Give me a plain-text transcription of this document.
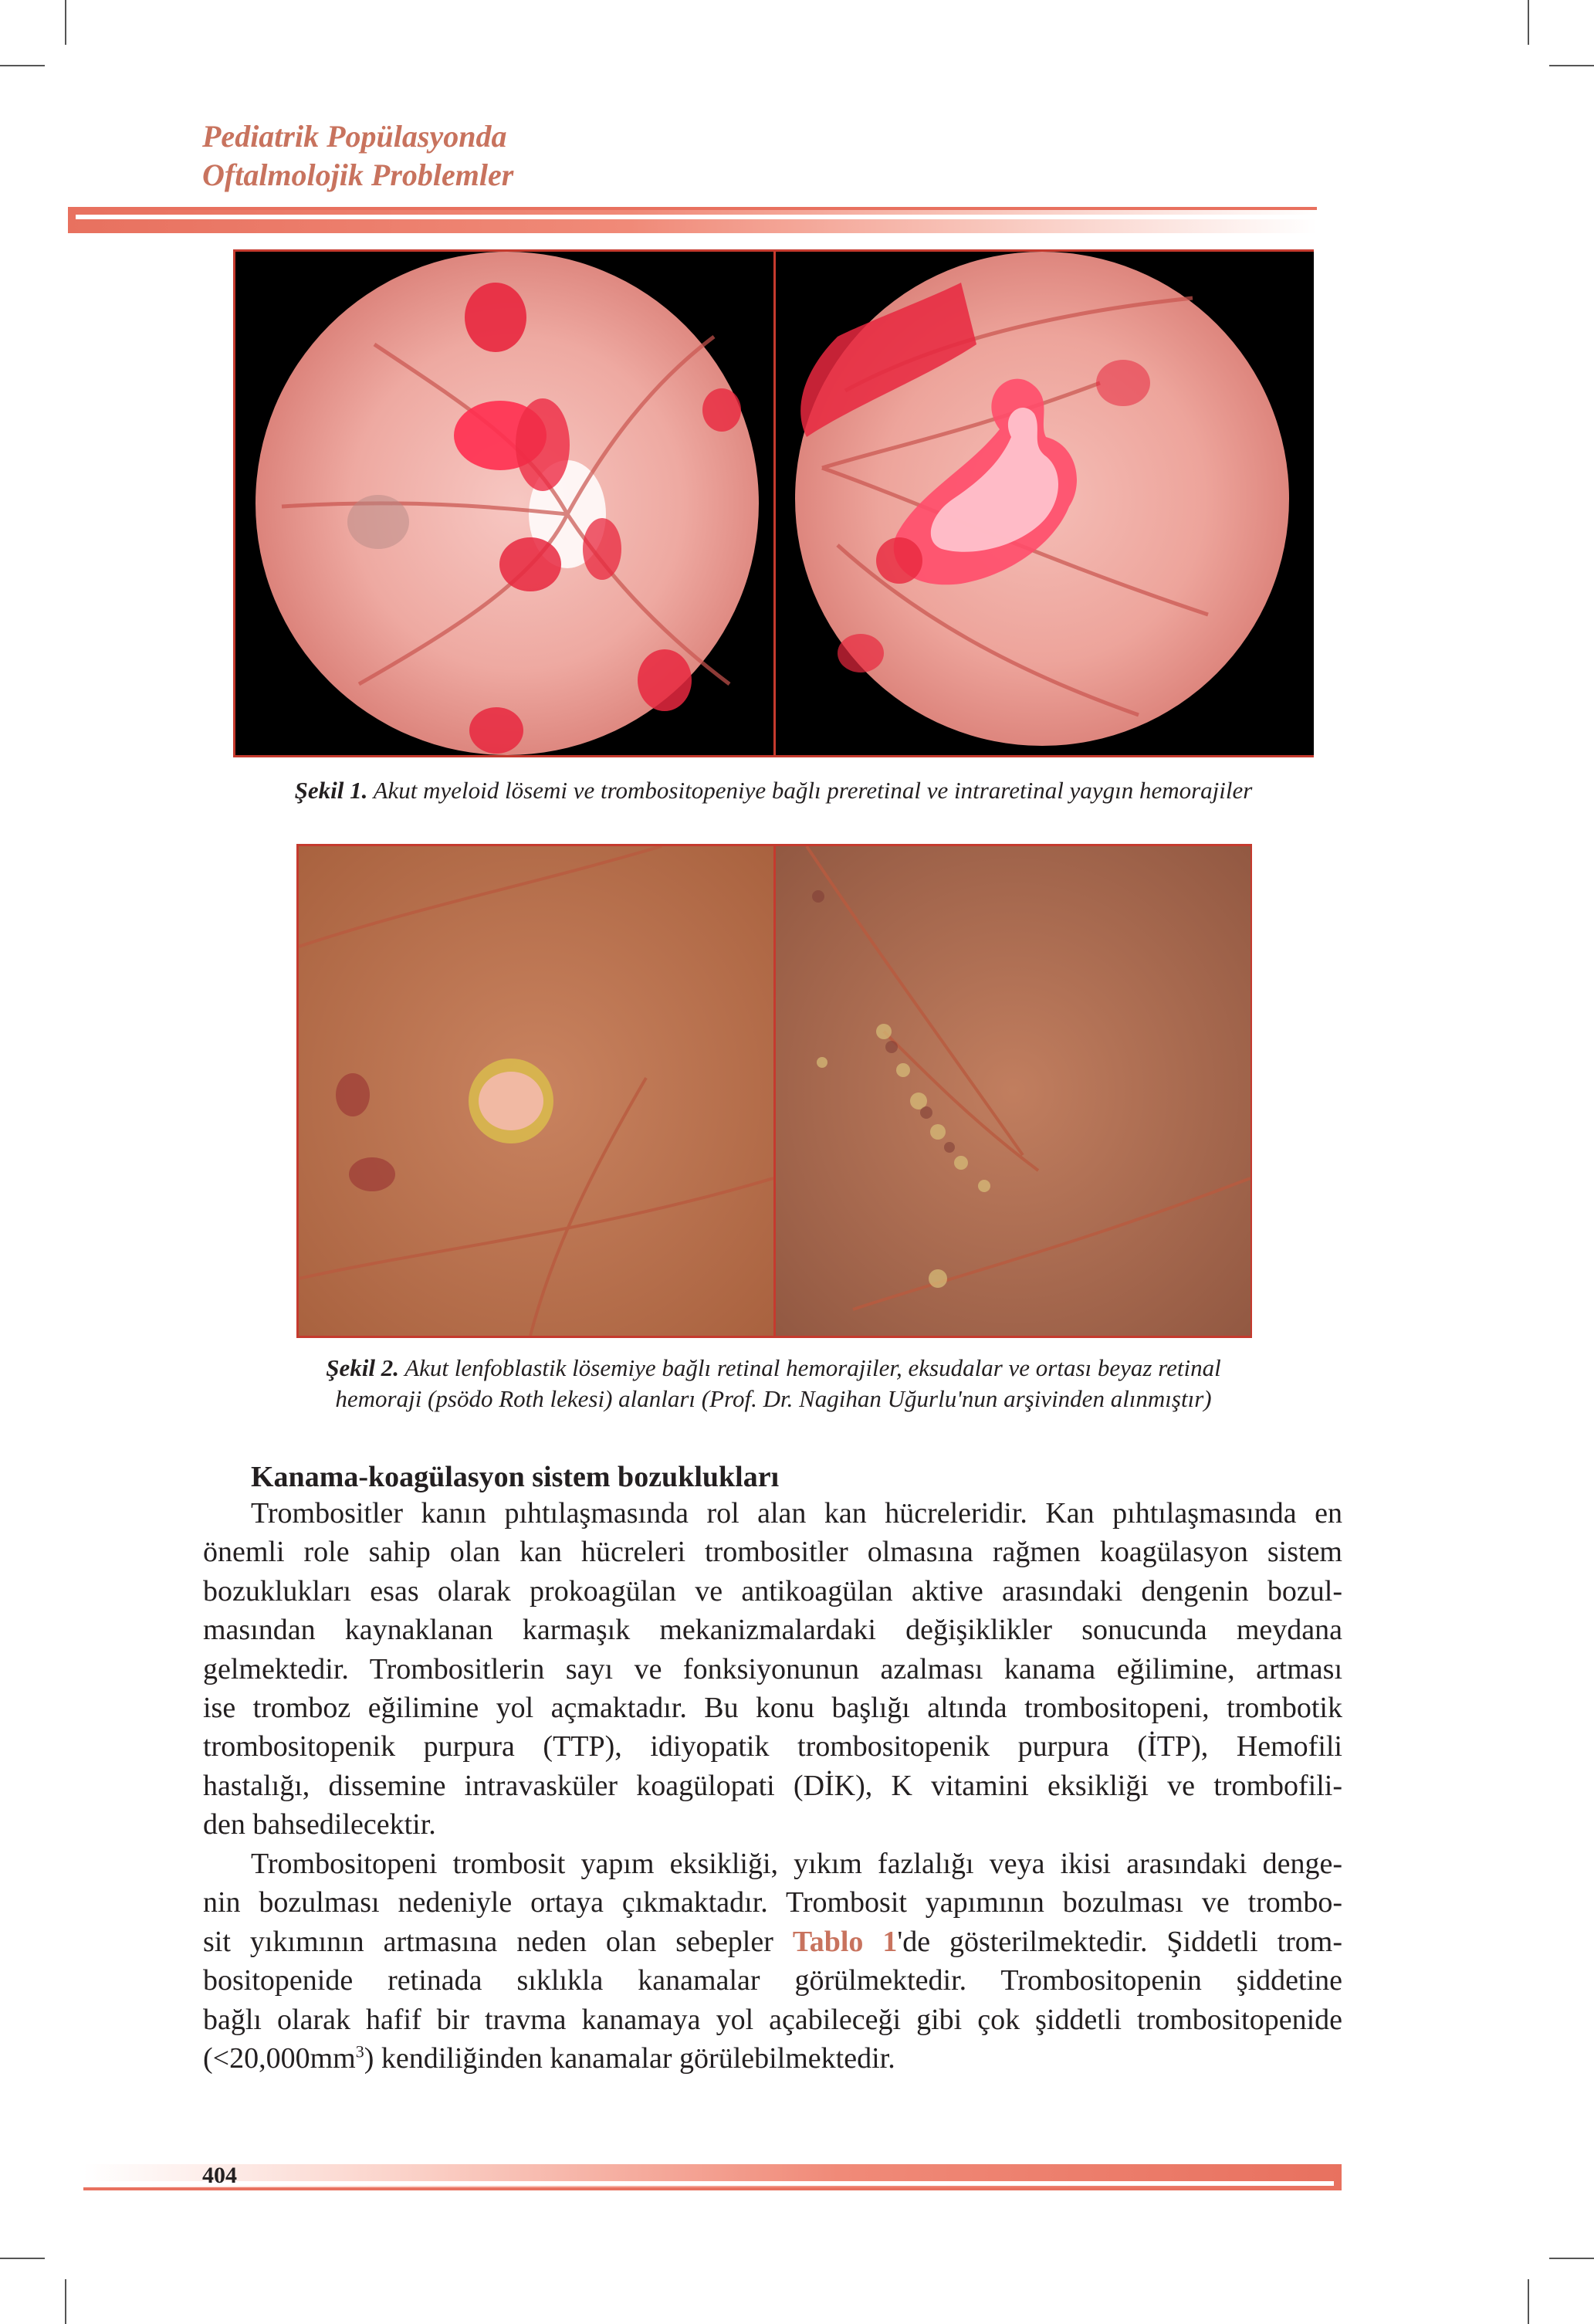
Pediatrik Popülasyonda
Oftalmolojik Problemler
Şekil 1. Akut myeloid lösemi ve trombositopeniye bağlı preretinal ve intraretinal yaygın hemorajiler
Şekil 2. Akut lenfoblastik lösemiye bağlı retinal hemorajiler, eksudalar ve ortası beyaz retinal
hemoraji (psödo Roth lekesi) alanları (Prof. Dr. Nagihan Uğurlu'nun arşivinden alınmıştır)
Kanama-koagülasyon sistem bozuklukları
Trombositler kanın pıhtılaşmasında rol alan kan hücreleridir. Kan pıhtılaşmasında en
önemli role sahip olan kan hücreleri trombositler olmasına rağmen koagülasyon sistem
bozuklukları esas olarak prokoagülan ve antikoagülan aktive arasındaki dengenin bozul-
masından kaynaklanan karmaşık mekanizmalardaki değişiklikler sonucunda meydana
gelmektedir. Trombositlerin sayı ve fonksiyonunun azalması kanama eğilimine, artması
ise tromboz eğilimine yol açmaktadır. Bu konu başlığı altında trombositopeni, trombotik
trombositopenik purpura (TTP), idiyopatik trombositopenik purpura (İTP), Hemofili
hastalığı, dissemine intravasküler koagülopati (DİK), K vitamini eksikliği ve trombofili-
den bahsedilecektir.
Trombositopeni trombosit yapım eksikliği, yıkım fazlalığı veya ikisi arasındaki denge-
nin bozulması nedeniyle ortaya çıkmaktadır. Trombosit yapımının bozulması ve trombo-
sit yıkımının artmasına neden olan sebepler Tablo 1'de gösterilmektedir. Şiddetli trom-
bositopenide retinada sıklıkla kanamalar görülmektedir. Trombositopenin şiddetine
bağlı olarak hafif bir travma kanamaya yol açabileceği gibi çok şiddetli trombositopenide
$(<20,000mm^3)$ kendiliğinden kanamalar görülebilmektedir.
404
